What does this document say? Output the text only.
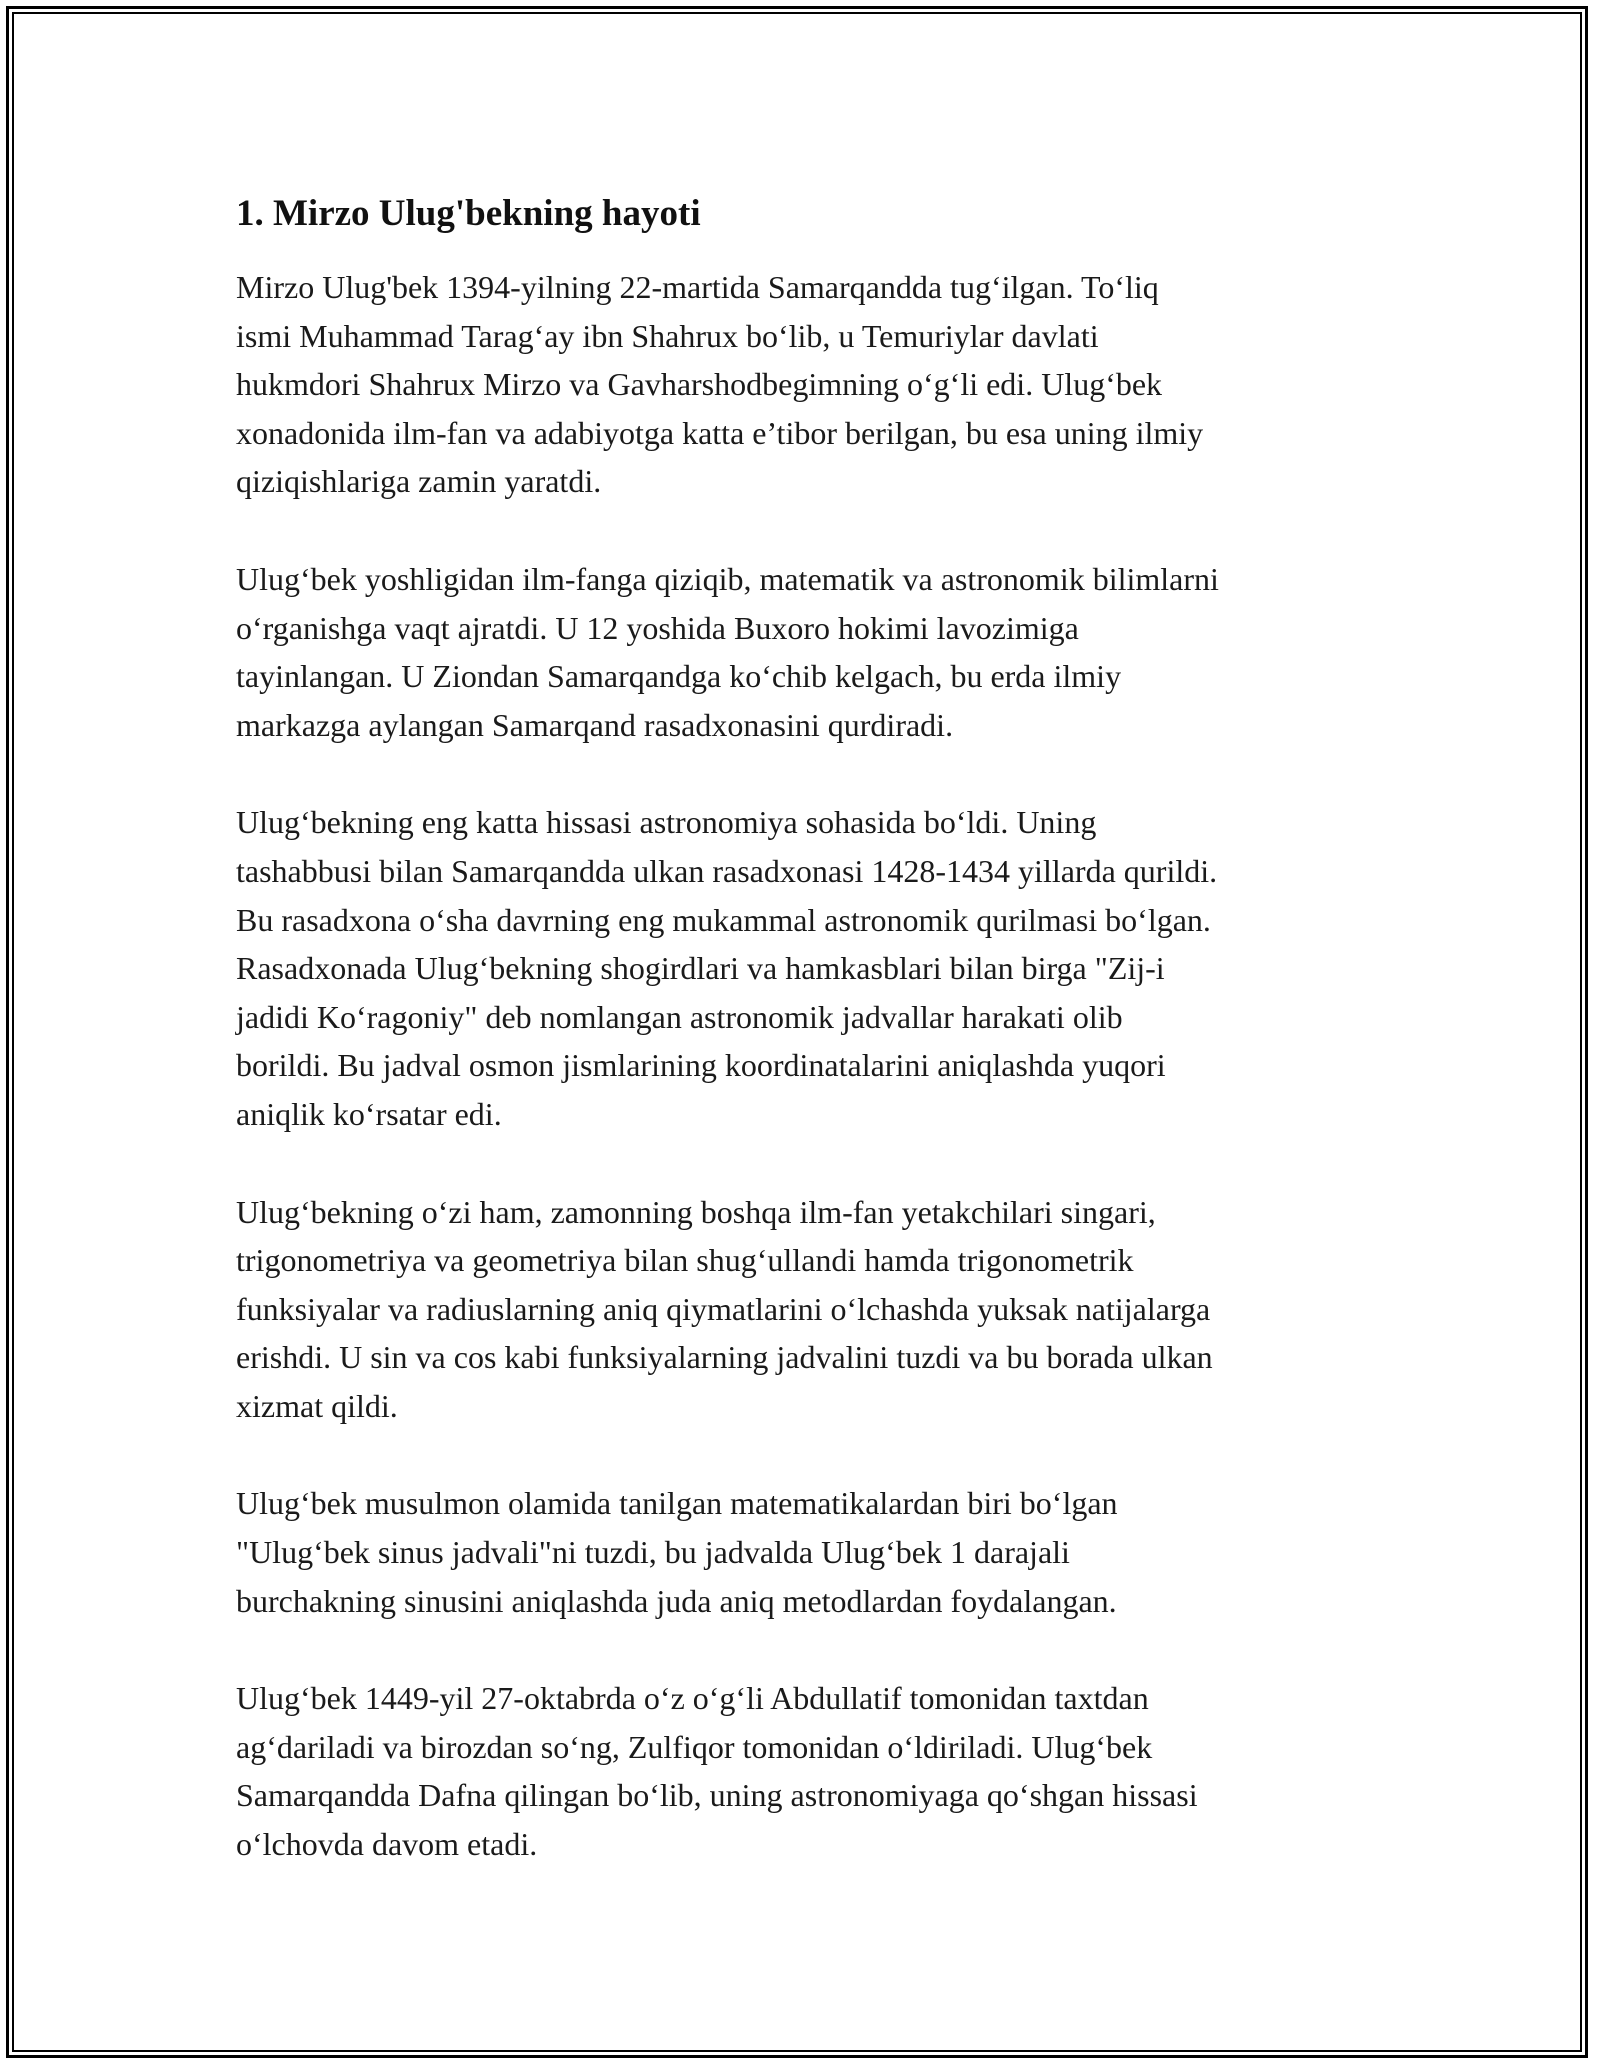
1. Mirzo Ulug'bekning hayoti
Mirzo Ulug'bek 1394-yilning 22-martida Samarqandda tug‘ilgan. To‘liq
ismi Muhammad Tarag‘ay ibn Shahrux bo‘lib, u Temuriylar davlati
hukmdori Shahrux Mirzo va Gavharshodbegimning o‘g‘li edi. Ulug‘bek
xonadonida ilm-fan va adabiyotga katta e’tibor berilgan, bu esa uning ilmiy
qiziqishlariga zamin yaratdi.
Ulug‘bek yoshligidan ilm-fanga qiziqib, matematik va astronomik bilimlarni
o‘rganishga vaqt ajratdi. U 12 yoshida Buxoro hokimi lavozimiga
tayinlangan. U Ziondan Samarqandga ko‘chib kelgach, bu erda ilmiy
markazga aylangan Samarqand rasadxonasini qurdiradi.
Ulug‘bekning eng katta hissasi astronomiya sohasida bo‘ldi. Uning
tashabbusi bilan Samarqandda ulkan rasadxonasi 1428-1434 yillarda qurildi.
Bu rasadxona o‘sha davrning eng mukammal astronomik qurilmasi bo‘lgan.
Rasadxonada Ulug‘bekning shogirdlari va hamkasblari bilan birga "Zij-i
jadidi Ko‘ragoniy" deb nomlangan astronomik jadvallar harakati olib
borildi. Bu jadval osmon jismlarining koordinatalarini aniqlashda yuqori
aniqlik ko‘rsatar edi.
Ulug‘bekning o‘zi ham, zamonning boshqa ilm-fan yetakchilari singari,
trigonometriya va geometriya bilan shug‘ullandi hamda trigonometrik
funksiyalar va radiuslarning aniq qiymatlarini o‘lchashda yuksak natijalarga
erishdi. U sin va cos kabi funksiyalarning jadvalini tuzdi va bu borada ulkan
xizmat qildi.
Ulug‘bek musulmon olamida tanilgan matematikalardan biri bo‘lgan
"Ulug‘bek sinus jadvali"ni tuzdi, bu jadvalda Ulug‘bek 1 darajali
burchakning sinusini aniqlashda juda aniq metodlardan foydalangan.
Ulug‘bek 1449-yil 27-oktabrda o‘z o‘g‘li Abdullatif tomonidan taxtdan
ag‘dariladi va birozdan so‘ng, Zulfiqor tomonidan o‘ldiriladi. Ulug‘bek
Samarqandda Dafna qilingan bo‘lib, uning astronomiyaga qo‘shgan hissasi
o‘lchovda davom etadi.
